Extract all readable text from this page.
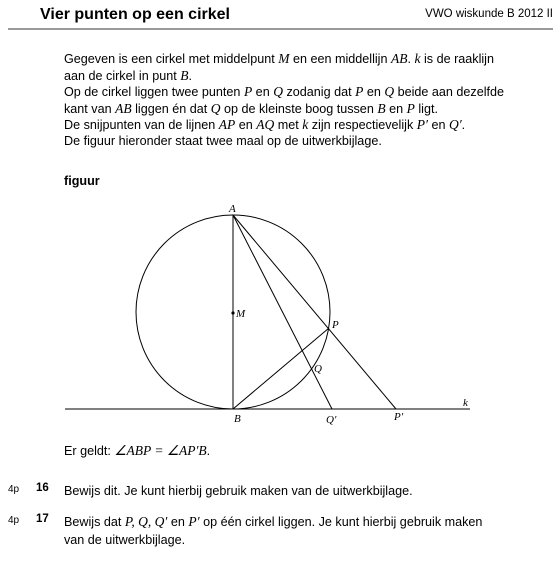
Vier punten op een cirkel	VWO wiskunde B 2012 II

Gegeven is een cirkel met middelpunt M en een middellijn AB. k is de raaklijn

aan de cirkel in punt B.

Op de cirkel liggen twee punten P en Q zodanig dat P en Q beide aan dezelfde

kant van AB liggen én dat Q op de kleinste boog tussen B en P ligt.

De snijpunten van de lijnen AP en AQ met k zijn respectievelijk P′ en Q′.

De figuur hieronder staat twee maal op de uitwerkbijlage.

figuur
A
M
B
P
Q
Q′	P′
k
Er geldt: ∠ABP = ∠AP′B.
4p 16 Bewijs dit. Je kunt hierbij gebruik maken van de uitwerkbijlage.
4p 17 Bewijs dat P, Q, Q′ en P′ op één cirkel liggen. Je kunt hierbij gebruik maken
van de uitwerkbijlage.
